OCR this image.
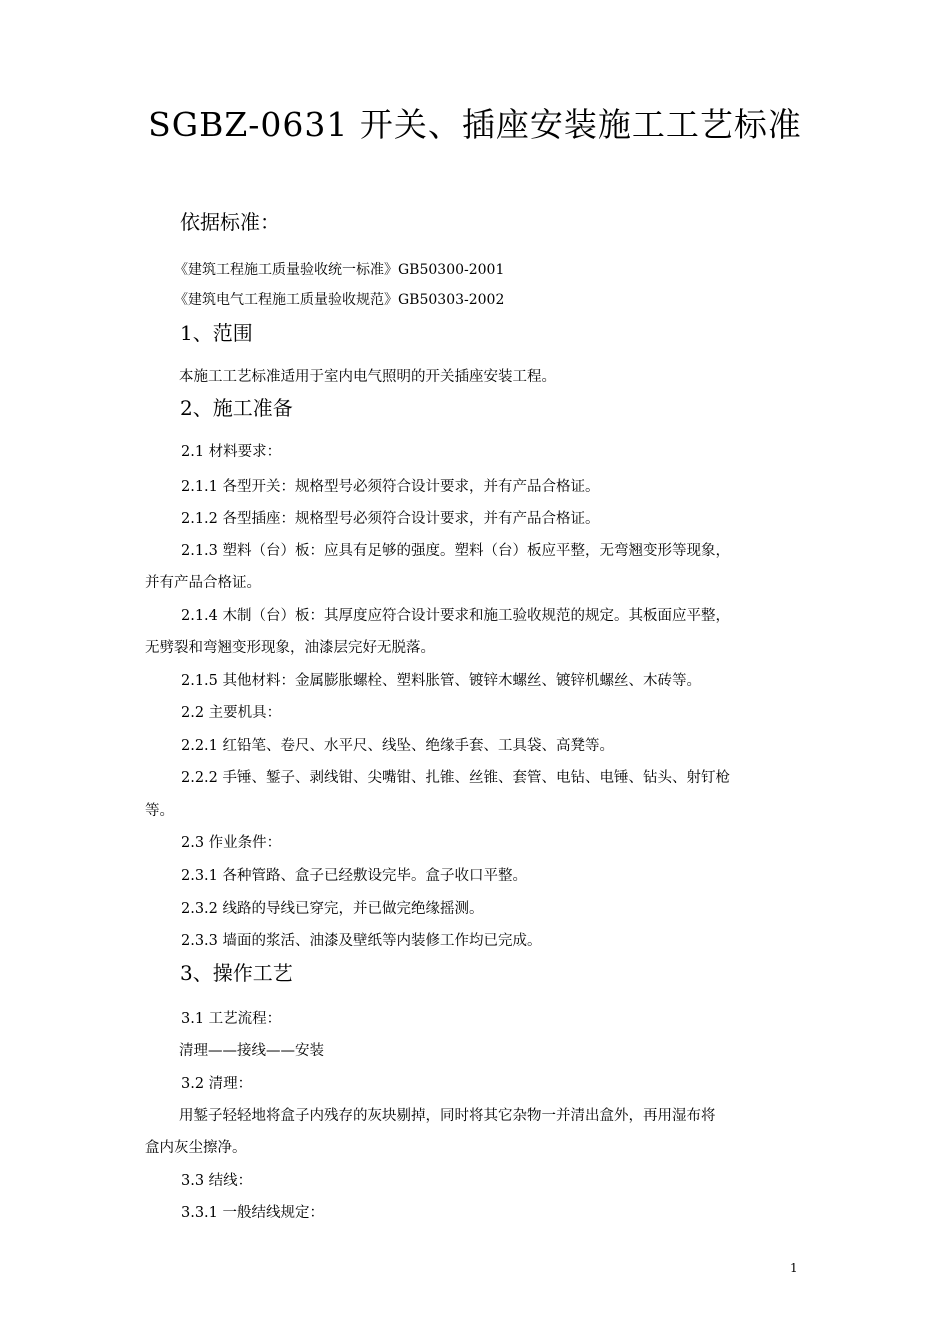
SGBZ-0631 开关、插座安装施工工艺标准
依据标准：
《建筑工程施工质量验收统一标准》GB50300-2001
《建筑电气工程施工质量验收规范》GB50303-2002
1、范围
本施工工艺标准适用于室内电气照明的开关插座安装工程。
2、施工准备
2.1 材料要求：
2.1.1 各型开关：规格型号必须符合设计要求，并有产品合格证。
2.1.2 各型插座：规格型号必须符合设计要求，并有产品合格证。
2.1.3 塑料（台）板：应具有足够的强度。塑料（台）板应平整，无弯翘变形等现象，
并有产品合格证。
2.1.4 木制（台）板：其厚度应符合设计要求和施工验收规范的规定。其板面应平整，
无劈裂和弯翘变形现象，油漆层完好无脱落。
2.1.5 其他材料：金属膨胀螺栓、塑料胀管、镀锌木螺丝、镀锌机螺丝、木砖等。
2.2 主要机具：
2.2.1 红铅笔、卷尺、水平尺、线坠、绝缘手套、工具袋、高凳等。
2.2.2 手锤、錾子、剥线钳、尖嘴钳、扎锥、丝锥、套管、电钻、电锤、钻头、射钉枪
等。
2.3 作业条件：
2.3.1 各种管路、盒子已经敷设完毕。盒子收口平整。
2.3.2 线路的导线已穿完，并已做完绝缘摇测。
2.3.3 墙面的浆活、油漆及壁纸等内装修工作均已完成。
3、操作工艺
3.1 工艺流程：
清理——接线——安装
3.2 清理：
用錾子轻轻地将盒子内残存的灰块剔掉，同时将其它杂物一并清出盒外，再用湿布将
盒内灰尘擦净。
3.3 结线：
3.3.1 一般结线规定：
1
